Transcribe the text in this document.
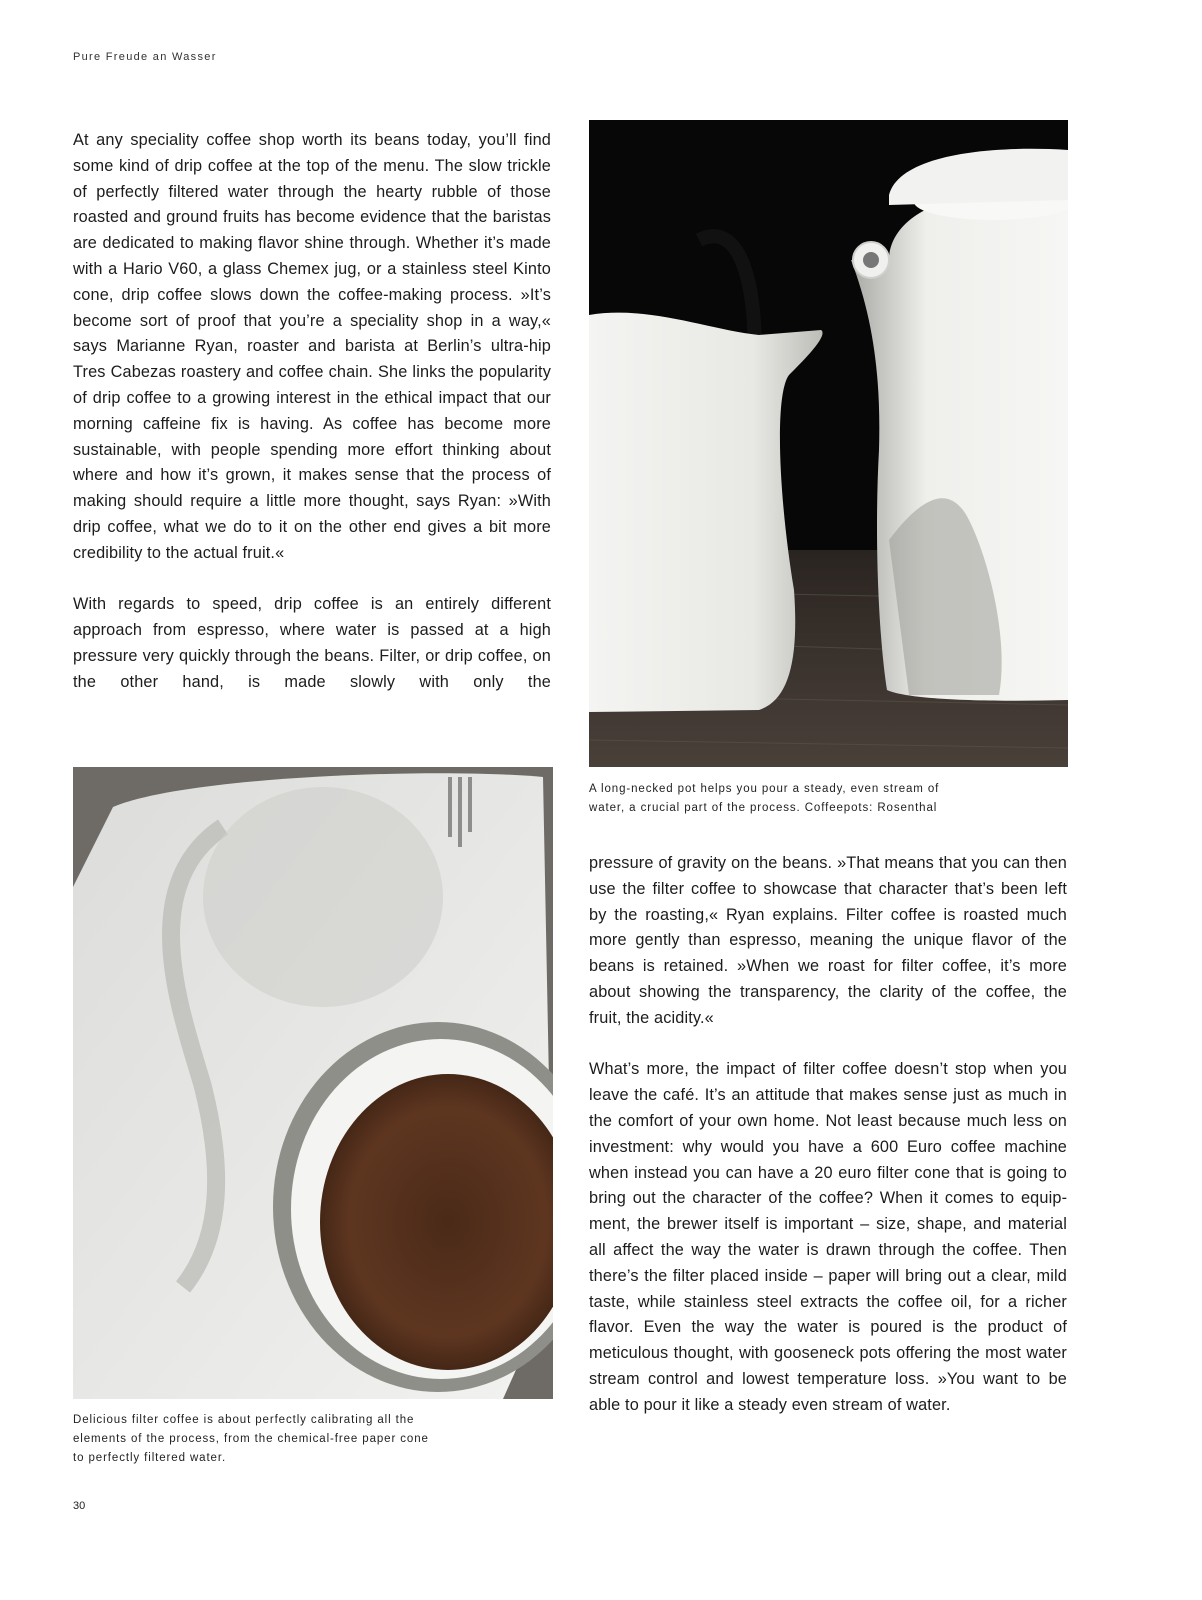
Pure Freude an Wasser

At any speciality coffee shop worth its beans today, you’ll find some kind of drip coffee at the top of the menu. The slow trickle of perfectly filtered water through the hearty rubble of those roasted and ground fruits has become evidence that the baristas are dedicated to making flavor shine through. Whether it’s made with a Hario V60, a glass Chemex jug, or a stainless steel Kinto cone, drip coffee slows down the coffee-making process. »It’s become sort of proof that you’re a speciality shop in a way,« says Marianne Ryan, roaster and barista at Berlin’s ultra-hip Tres Cabezas roastery and coffee chain. She links the popularity of drip coffee to a growing interest in the ethical impact that our morning caffeine fix is having. As coffee has become more sustainable, with people spending more effort thinking about where and how it’s grown, it makes sense that the process of making should require a little more thought, says Ryan: »With drip coffee, what we do to it on the other end gives a bit more credibility to the actual fruit.«

With regards to speed, drip coffee is an entirely different approach from espresso, where water is passed at a high pressure very quickly through the beans. Filter, or drip coffee, on the other hand, is made slowly with only the

A long-necked pot helps you pour a steady, even stream of
water, a crucial part of the process. Coffeepots: Rosenthal
Delicious filter coffee is about perfectly calibrating all the
elements of the process, from the chemical-free paper cone
to perfectly filtered water.

pressure of gravity on the beans. »That means that you can then use the filter coffee to showcase that character that’s been left by the roasting,« Ryan explains. Filter coffee is roasted much more gently than espresso, meaning the unique flavor of the beans is retained. »When we roast for filter coffee, it’s more about showing the transparency, the clarity of the coffee, the fruit, the acidity.«

What’s more, the impact of filter coffee doesn’t stop when you leave the café. It’s an attitude that makes sense just as much in the comfort of your own home. Not least because much less on investment: why would you have a 600 Euro coffee machine when instead you can have a 20 euro filter cone that is going to bring out the character of the coffee? When it comes to equipment, the brewer itself is important – size, shape, and material all affect the way the water is drawn through the coffee. Then there’s the filter placed inside – paper will bring out a clear, mild taste, while stainless steel extracts the coffee oil, for a richer flavor. Even the way the water is poured is the product of meticulous thought, with gooseneck pots offering the most water stream control and lowest temperature loss. »You want to be able to pour it like a steady even stream of water.

30
